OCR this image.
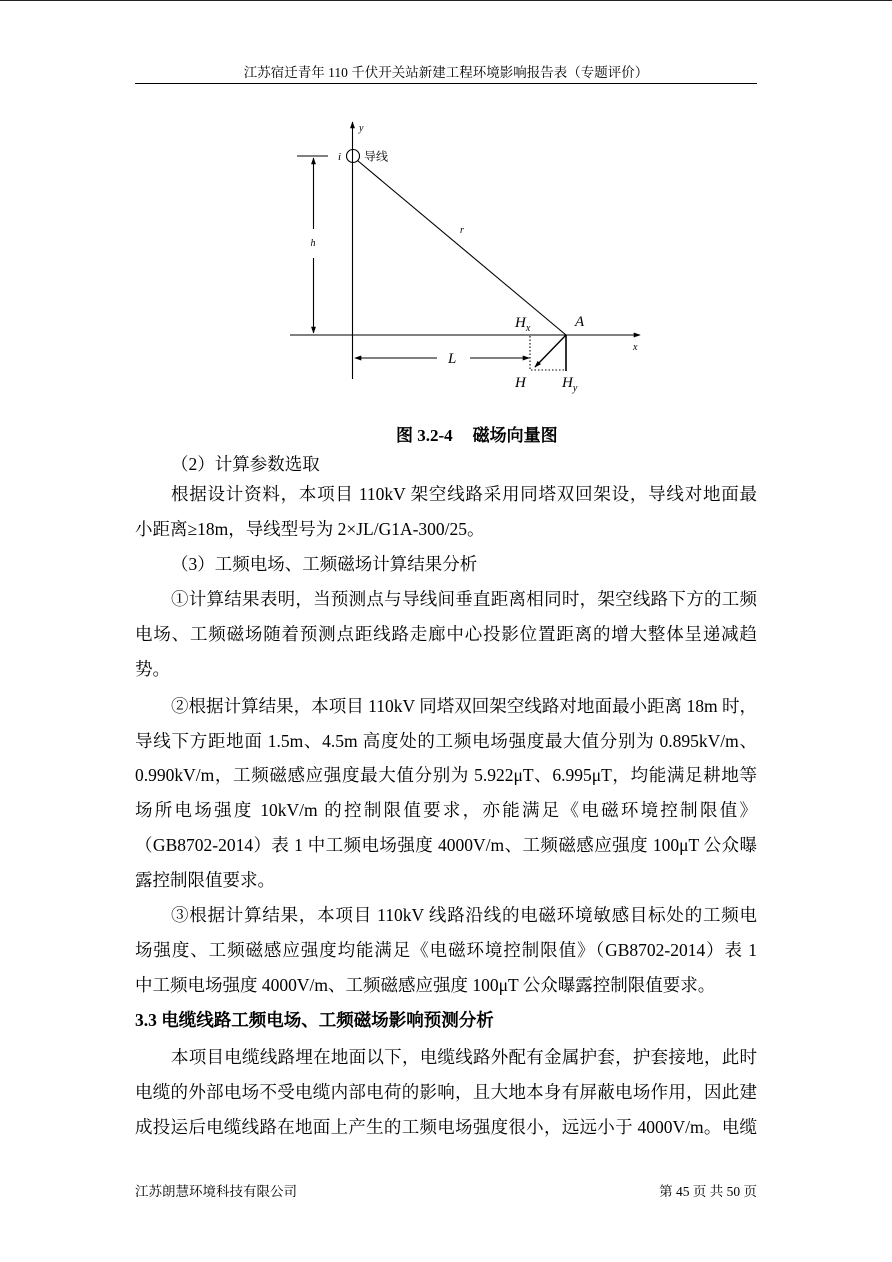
江苏宿迁青年 110 千伏开关站新建工程环境影响报告表（专题评价）
y
i 导线
h
r
x
$H_x$	A
L
H $H_y$
图 3.2-4 磁场向量图
（2）计算参数选取
根据设计资料，本项目 110kV 架空线路采用同塔双回架设，导线对地面最
小距离≥18m，导线型号为 2×JL/G1A-300/25。
（3）工频电场、工频磁场计算结果分析
①计算结果表明，当预测点与导线间垂直距离相同时，架空线路下方的工频
电场、工频磁场随着预测点距线路走廊中心投影位置距离的增大整体呈递减趋
势。
②根据计算结果，本项目 110kV 同塔双回架空线路对地面最小距离 18m 时，
导线下方距地面 1.5m、4.5m 高度处的工频电场强度最大值分别为 0.895kV/m、
0.990kV/m，工频磁感应强度最大值分别为 5.922μT、6.995μT，均能满足耕地等
场所电场强度 10kV/m 的控制限值要求，亦能满足《电磁环境控制限值》
（GB8702-2014）表 1 中工频电场强度 4000V/m、工频磁感应强度 100μT 公众曝
露控制限值要求。
③根据计算结果，本项目 110kV 线路沿线的电磁环境敏感目标处的工频电
场强度、工频磁感应强度均能满足《电磁环境控制限值》（GB8702-2014）表 1
中工频电场强度 4000V/m、工频磁感应强度 100μT 公众曝露控制限值要求。
3.3 电缆线路工频电场、工频磁场影响预测分析
本项目电缆线路埋在地面以下，电缆线路外配有金属护套，护套接地，此时
电缆的外部电场不受电缆内部电荷的影响，且大地本身有屏蔽电场作用，因此建
成投运后电缆线路在地面上产生的工频电场强度很小，远远小于 4000V/m。电缆
江苏朗慧环境科技有限公司	第 45 页 共 50 页
